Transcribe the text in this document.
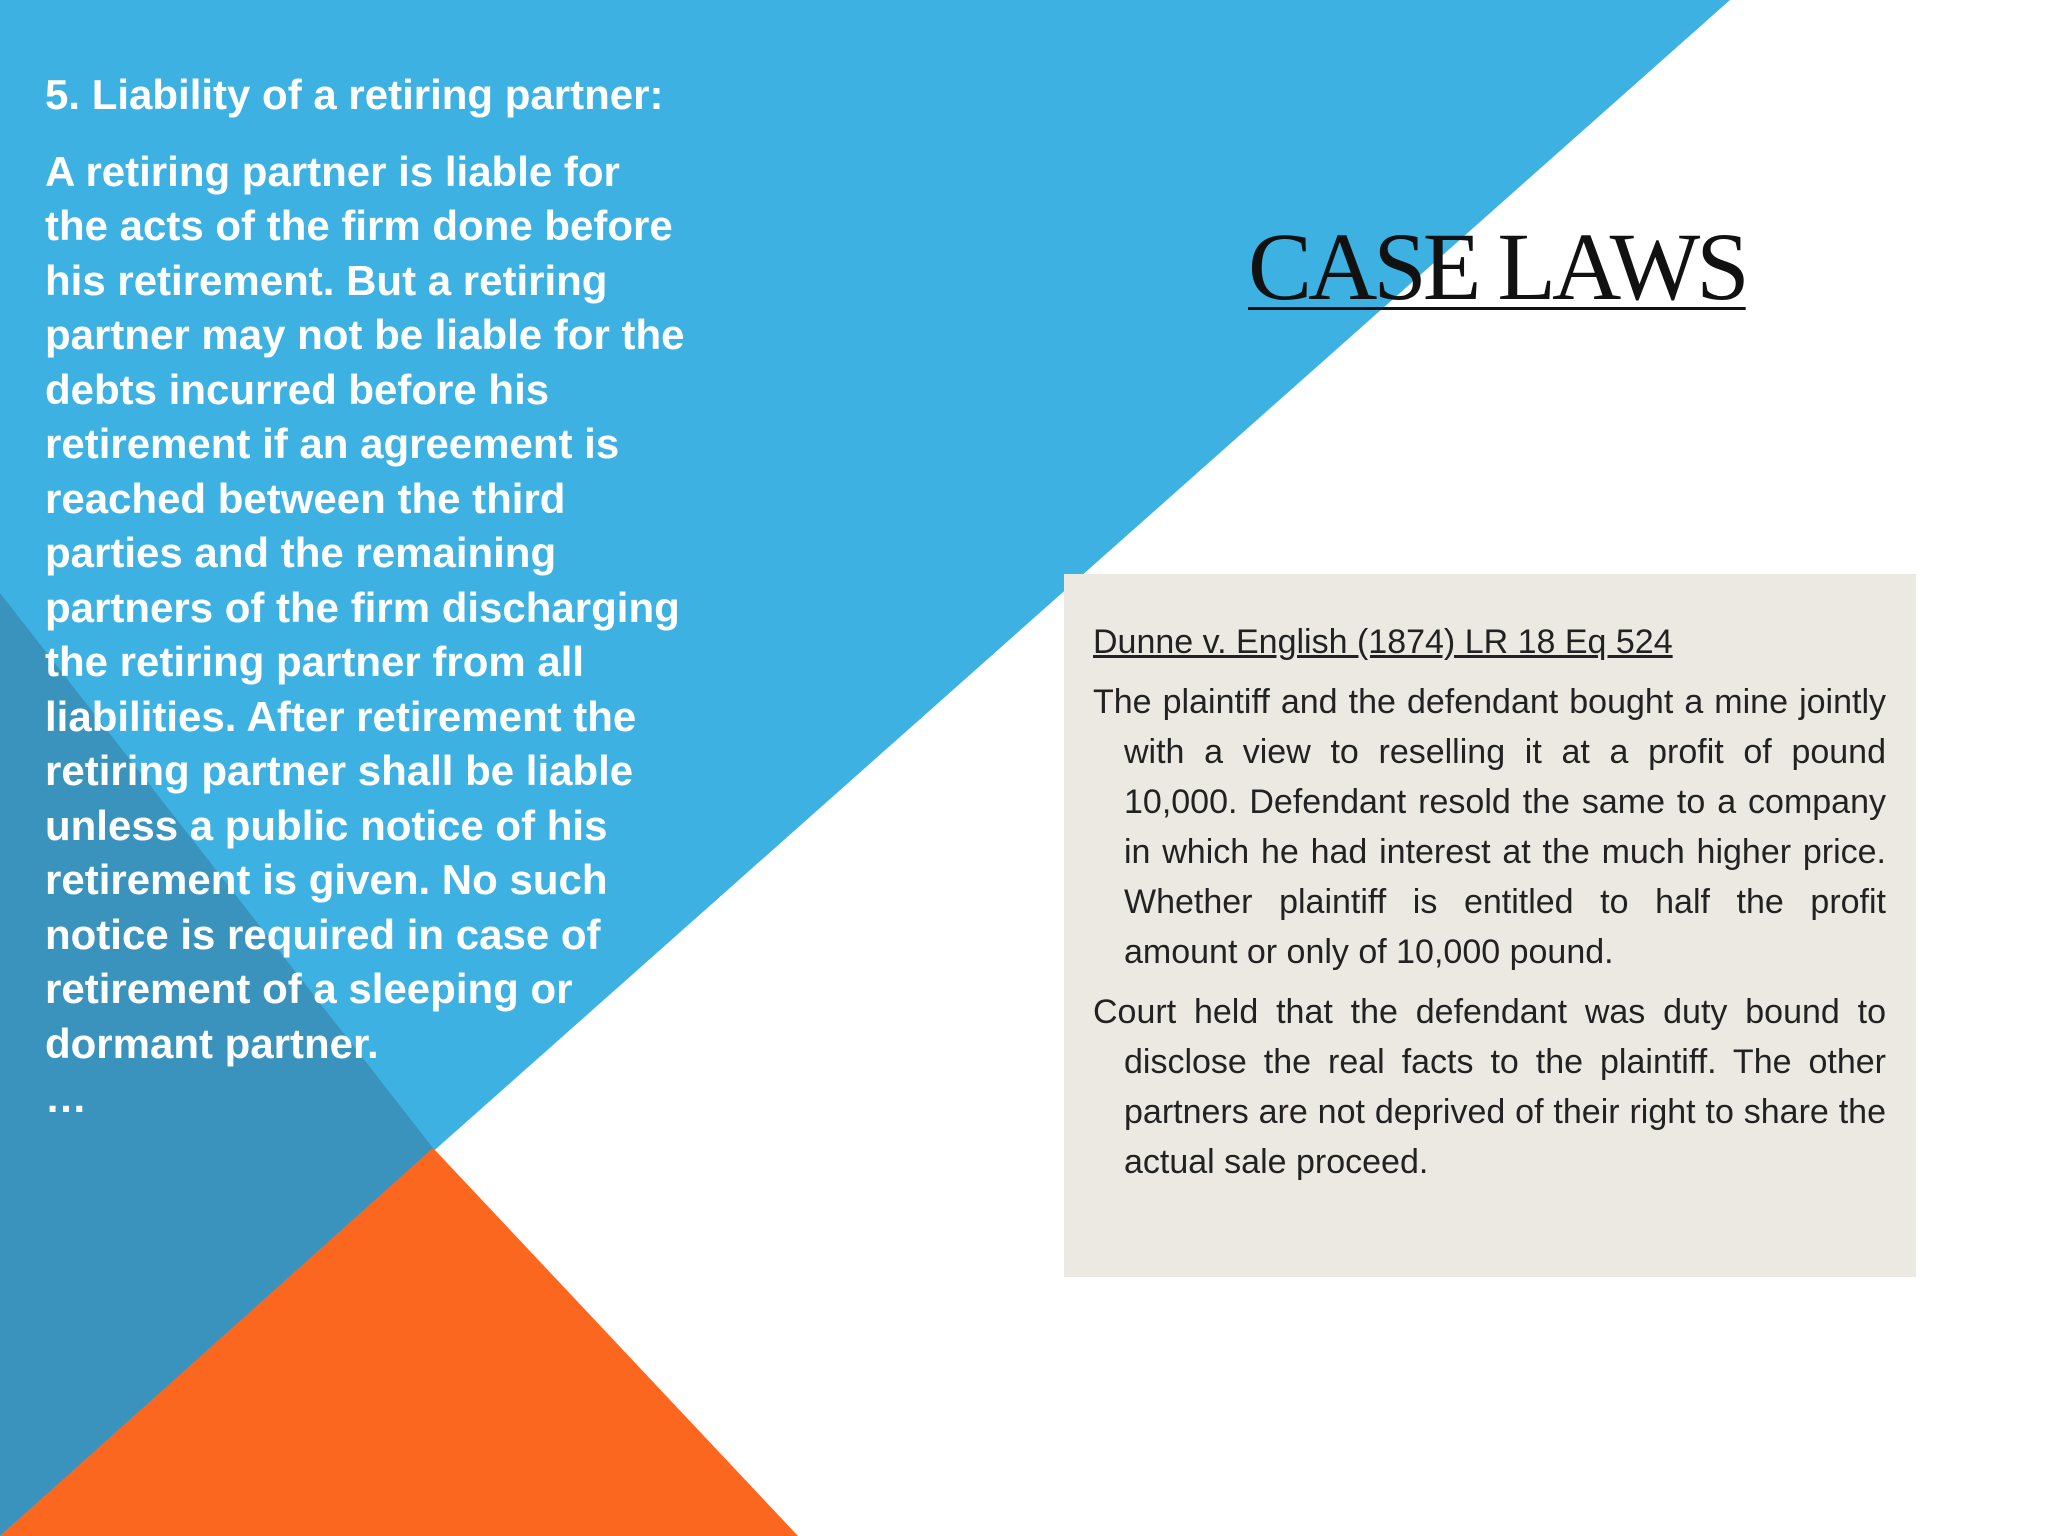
5. Liability of a retiring partner:

A retiring partner is liable for the acts of the firm done before his retirement. But a retiring partner may not be liable for the debts incurred before his retirement if an agreement is reached between the third parties and the remaining partners of the firm discharging the retiring partner from all liabilities. After retirement the retiring partner shall be liable unless a public notice of his retirement is given. No such notice is required in case of retirement of a sleeping or dormant partner.

…

CASE LAWS
Dunne v. English (1874) LR 18 Eq 524

The plaintiff and the defendant bought a mine jointly with a view to reselling it at a profit of pound 10,000. Defendant resold the same to a company in which he had interest at the much higher price. Whether plaintiff is entitled to half the profit amount or only of 10,000 pound.

Court held that the defendant was duty bound to disclose the real facts to the plaintiff. The other partners are not deprived of their right to share the actual sale proceed.
